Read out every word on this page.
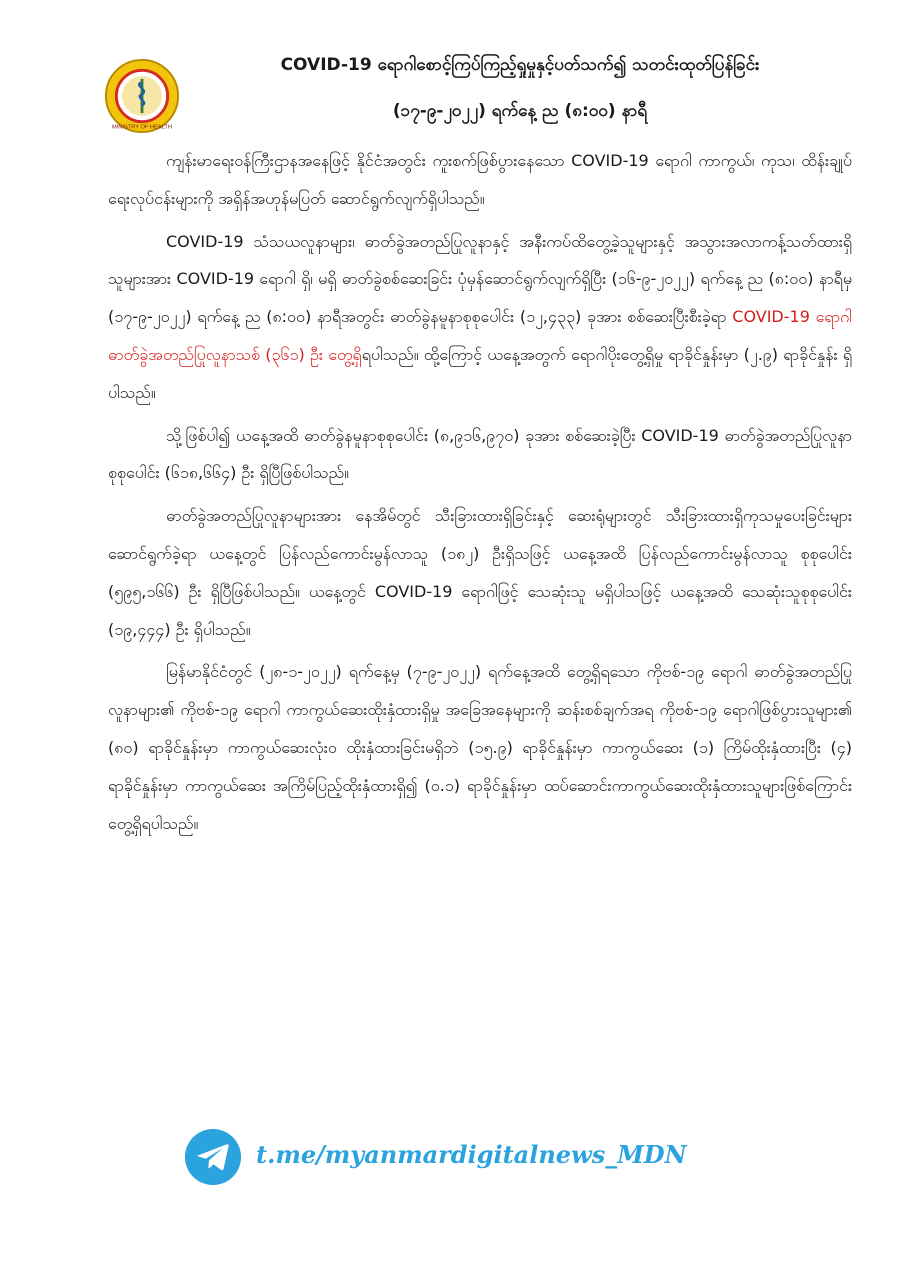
MINISTRY OF HEALTH
COVID-19 ရောဂါစောင့်ကြပ်ကြည့်ရှုမှုနှင့်ပတ်သက်၍ သတင်းထုတ်ပြန်ခြင်း
(၁၇-၉-၂၀၂၂) ရက်နေ့ ည (၈:၀၀) နာရီ

ကျန်းမာရေးဝန်ကြီးဌာနအနေဖြင့် နိုင်ငံအတွင်း ကူးစက်ဖြစ်ပွားနေသော COVID-19 ရောဂါ ကာကွယ်၊ ကုသ၊ ထိန်းချုပ်ရေးလုပ်ငန်းများကို အရှိန်အဟုန်မပြတ် ဆောင်ရွက်လျက်ရှိပါသည်။

COVID-19 သံသယလူနာများ၊ ဓာတ်ခွဲအတည်ပြုလူနာနှင့် အနီးကပ်ထိတွေ့ခဲ့သူများနှင့် အသွားအလာကန့်သတ်ထားရှိသူများအား COVID-19 ရောဂါ ရှိ၊ မရှိ ဓာတ်ခွဲစစ်ဆေးခြင်း ပုံမှန်ဆောင်ရွက်လျက်ရှိပြီး (၁၆-၉-၂၀၂၂) ရက်နေ့ ည (၈:၀၀) နာရီမှ (၁၇-၉-၂၀၂၂) ရက်နေ့ ည (၈:၀၀) နာရီအတွင်း ဓာတ်ခွဲနမူနာစုစုပေါင်း (၁၂,၄၃၃) ခုအား စစ်ဆေးပြီးစီးခဲ့ရာ COVID-19 ရောဂါ ဓာတ်ခွဲအတည်ပြုလူနာသစ် (၃၆၁) ဦး တွေ့ရှိရပါသည်။ ထို့ကြောင့် ယနေ့အတွက် ရောဂါပိုးတွေ့ရှိမှု ရာခိုင်နှုန်းမှာ (၂.၉) ရာခိုင်နှုန်း ရှိပါသည်။

သို့ဖြစ်ပါ၍ ယနေ့အထိ ဓာတ်ခွဲနမူနာစုစုပေါင်း (၈,၉၁၆,၉၇၀) ခုအား စစ်ဆေးခဲ့ပြီး COVID-19 ဓာတ်ခွဲအတည်ပြုလူနာ စုစုပေါင်း (၆၁၈,၆၆၄) ဦး ရှိပြီဖြစ်ပါသည်။

ဓာတ်ခွဲအတည်ပြုလူနာများအား နေအိမ်တွင် သီးခြားထားရှိခြင်းနှင့် ဆေးရုံများတွင် သီးခြားထားရှိကုသမှုပေးခြင်းများ ဆောင်ရွက်ခဲ့ရာ ယနေ့တွင် ပြန်လည်ကောင်းမွန်လာသူ (၁၈၂) ဦးရှိသဖြင့် ယနေ့အထိ ပြန်လည်ကောင်းမွန်လာသူ စုစုပေါင်း (၅၉၅,၁၆၆) ဦး ရှိပြီဖြစ်ပါသည်။ ယနေ့တွင် COVID-19 ရောဂါဖြင့် သေဆုံးသူ မရှိပါသဖြင့် ယနေ့အထိ သေဆုံးသူစုစုပေါင်း (၁၉,၄၄၄) ဦး ရှိပါသည်။

မြန်မာနိုင်ငံတွင် (၂၈-၁-၂၀၂၂) ရက်နေ့မှ (၇-၉-၂၀၂၂) ရက်နေ့အထိ တွေ့ရှိရသော ကိုဗစ်-၁၉ ရောဂါ ဓာတ်ခွဲအတည်ပြုလူနာများ၏ ကိုဗစ်-၁၉ ရောဂါ ကာကွယ်ဆေးထိုးနှံထားရှိမှု အခြေအနေများကို ဆန်းစစ်ချက်အရ ကိုဗစ်-၁၉ ရောဂါဖြစ်ပွားသူများ၏ (၈၀) ရာခိုင်နှုန်းမှာ ကာကွယ်ဆေးလုံးဝ ထိုးနှံထားခြင်းမရှိဘဲ (၁၅.၉) ရာခိုင်နှုန်းမှာ ကာကွယ်ဆေး (၁) ကြိမ်ထိုးနှံထားပြီး (၄) ရာခိုင်နှုန်းမှာ ကာကွယ်ဆေး အကြိမ်ပြည့်ထိုးနှံထားရှိ၍ (၀.၁) ရာခိုင်နှုန်းမှာ ထပ်ဆောင်းကာကွယ်ဆေးထိုးနှံထားသူများဖြစ်ကြောင်း တွေ့ရှိရပါသည်။

t.me/myanmardigitalnews_MDN
